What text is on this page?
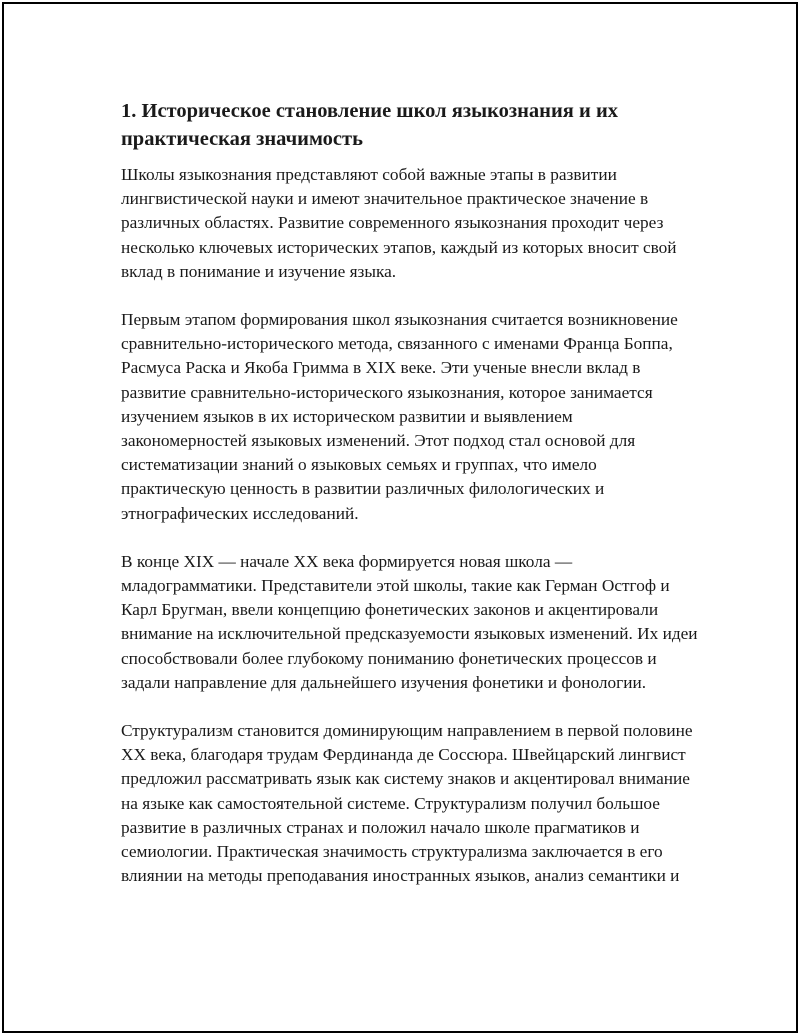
1. Историческое становление школ языкознания и их практическая значимость

Школы языкознания представляют собой важные этапы в развитии лингвистической науки и имеют значительное практическое значение в различных областях. Развитие современного языкознания проходит через несколько ключевых исторических этапов, каждый из которых вносит свой вклад в понимание и изучение языка.

Первым этапом формирования школ языкознания считается возникновение сравнительно-исторического метода, связанного с именами Франца Боппа, Расмуса Раска и Якоба Гримма в XIX веке. Эти ученые внесли вклад в развитие сравнительно-исторического языкознания, которое занимается изучением языков в их историческом развитии и выявлением закономерностей языковых изменений. Этот подход стал основой для систематизации знаний о языковых семьях и группах, что имело практическую ценность в развитии различных филологических и этнографических исследований.

В конце XIX — начале XX века формируется новая школа — младограмматики. Представители этой школы, такие как Герман Остгоф и Карл Бругман, ввели концепцию фонетических законов и акцентировали внимание на исключительной предсказуемости языковых изменений. Их идеи способствовали более глубокому пониманию фонетических процессов и задали направление для дальнейшего изучения фонетики и фонологии.

Структурализм становится доминирующим направлением в первой половине XX века, благодаря трудам Фердинанда де Соссюра. Швейцарский лингвист предложил рассматривать язык как систему знаков и акцентировал внимание на языке как самостоятельной системе. Структурализм получил большое развитие в различных странах и положил начало школе прагматиков и семиологии. Практическая значимость структурализма заключается в его влиянии на методы преподавания иностранных языков, анализ семантики и
